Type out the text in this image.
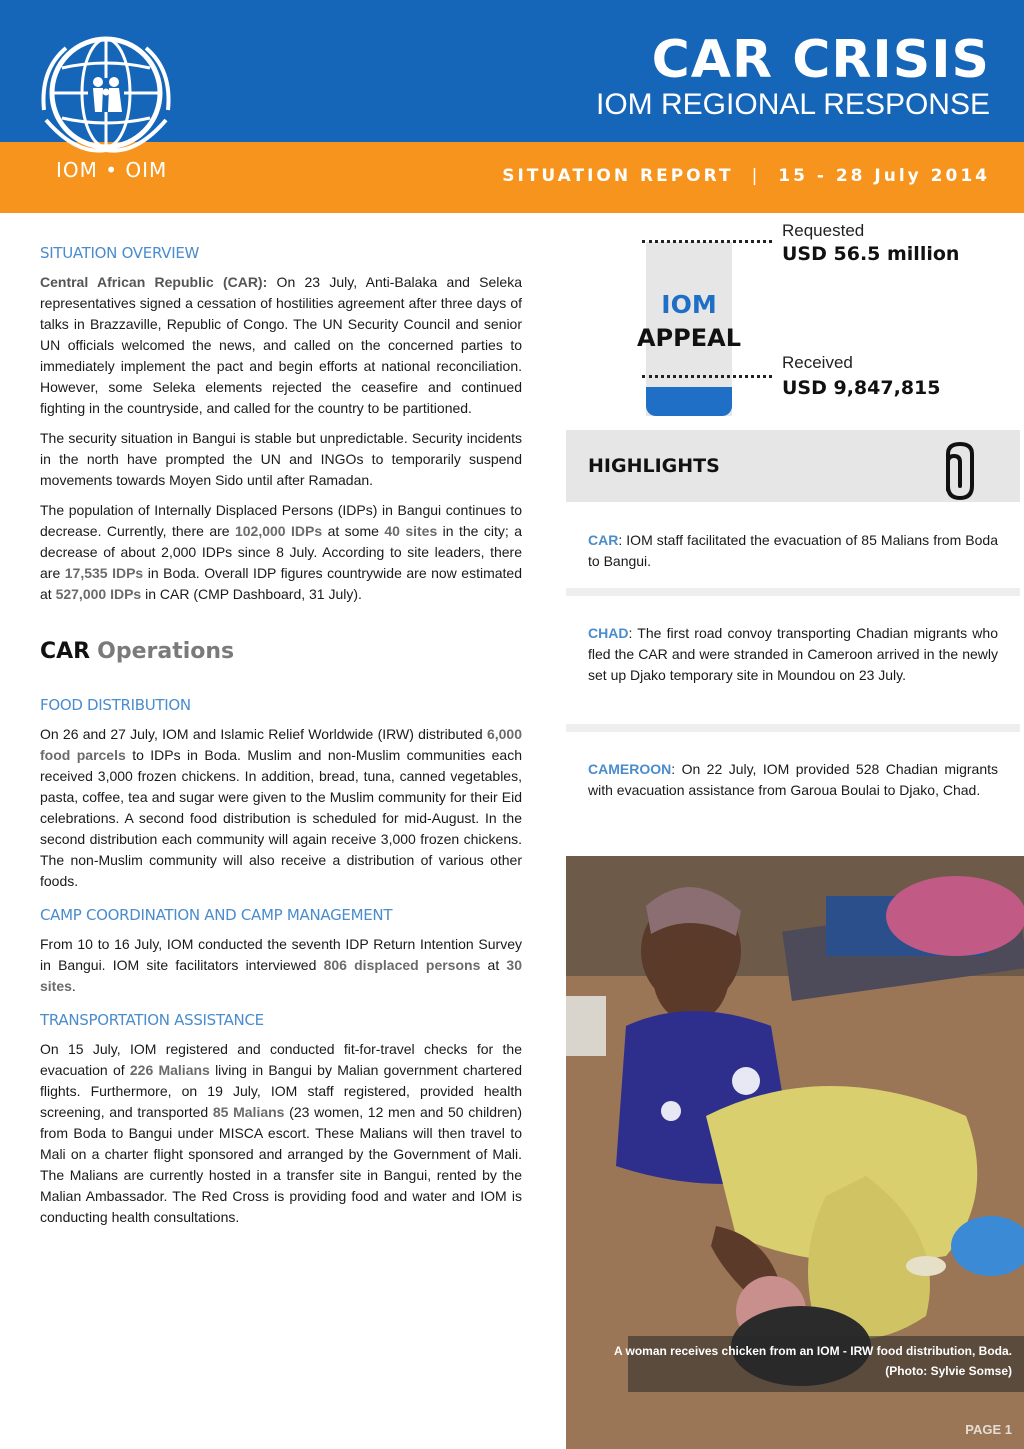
IOM • OIM
CAR CRISIS
IOM REGIONAL RESPONSE
SITUATION REPORT | 15 - 28 July 2014
SITUATION OVERVIEW

Central African Republic (CAR): On 23 July, Anti-Balaka and Seleka representatives signed a cessation of hostilities agreement after three days of talks in Brazzaville, Republic of Congo. The UN Security Council and senior UN officials welcomed the news, and called on the concerned parties to immediately implement the pact and begin efforts at national reconciliation. However, some Seleka elements rejected the ceasefire and continued fighting in the countryside, and called for the country to be partitioned.

The security situation in Bangui is stable but unpredictable. Security incidents in the north have prompted the UN and INGOs to temporarily suspend movements towards Moyen Sido until after Ramadan.

The population of Internally Displaced Persons (IDPs) in Bangui continues to decrease. Currently, there are 102,000 IDPs at some 40 sites in the city; a decrease of about 2,000 IDPs since 8 July. According to site leaders, there are 17,535 IDPs in Boda. Overall IDP figures countrywide are now estimated at 527,000 IDPs in CAR (CMP Dashboard, 31 July).

CAR Operations
FOOD DISTRIBUTION

On 26 and 27 July, IOM and Islamic Relief Worldwide (IRW) distributed 6,000 food parcels to IDPs in Boda. Muslim and non-Muslim communities each received 3,000 frozen chickens. In addition, bread, tuna, canned vegetables, pasta, coffee, tea and sugar were given to the Muslim community for their Eid celebrations. A second food distribution is scheduled for mid-August. In the second distribution each community will again receive 3,000 frozen chickens. The non-Muslim community will also receive a distribution of various other foods.

CAMP COORDINATION AND CAMP MANAGEMENT

From 10 to 16 July, IOM conducted the seventh IDP Return Intention Survey in Bangui. IOM site facilitators interviewed 806 displaced persons at 30 sites.

TRANSPORTATION ASSISTANCE

On 15 July, IOM registered and conducted fit-for-travel checks for the evacuation of 226 Malians living in Bangui by Malian government chartered flights. Furthermore, on 19 July, IOM staff registered, provided health screening, and transported 85 Malians (23 women, 12 men and 50 children) from Boda to Bangui under MISCA escort. These Malians will then travel to Mali on a charter flight sponsored and arranged by the Government of Mali. The Malians are currently hosted in a transfer site in Bangui, rented by the Malian Ambassador. The Red Cross is providing food and water and IOM is conducting health consultations.

IOM
APPEAL
Requested
USD 56.5 million
Received
USD 9,847,815
HIGHLIGHTS
CAR: IOM staff facilitated the evacuation of 85 Malians from Boda to Bangui.
CHAD: The first road convoy transporting Chadian migrants who fled the CAR and were stranded in Cameroon arrived in the newly set up Djako temporary site in Moundou on 23 July.
CAMEROON: On 22 July, IOM provided 528 Chadian migrants with evacuation assistance from Garoua Boulai to Djako, Chad.
A woman receives chicken from an IOM - IRW food distribution, Boda.
(Photo: Sylvie Somse)
PAGE 1
